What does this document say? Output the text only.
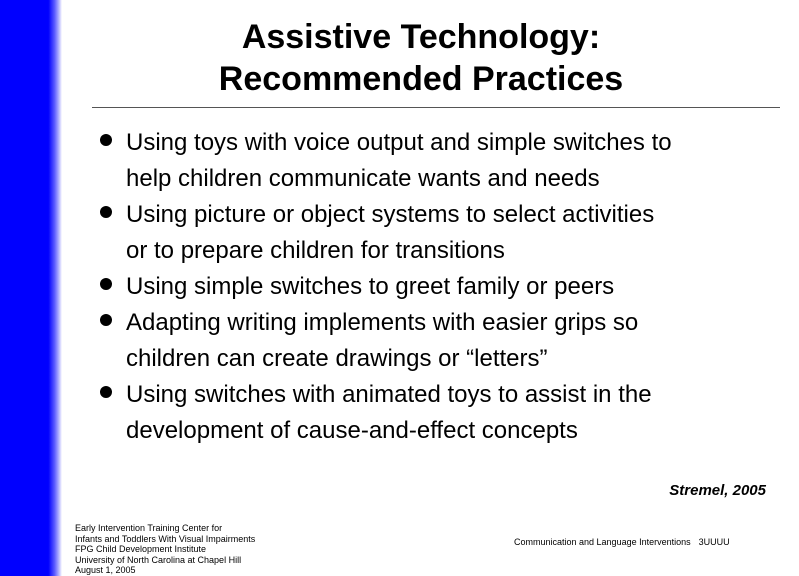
Assistive Technology:
Recommended Practices
Using toys with voice output and simple switches to
help children communicate wants and needs
Using picture or object systems to select activities
or to prepare children for transitions
Using simple switches to greet family or peers
Adapting writing implements with easier grips so
children can create drawings or “letters”
Using switches with animated toys to assist in the
development of cause-and-effect concepts
Stremel, 2005
Early Intervention Training Center for
Infants and Toddlers With Visual Impairments
FPG Child Development Institute
University of North Carolina at Chapel Hill
August 1, 2005
Communication and Language Interventions 3UUUU
